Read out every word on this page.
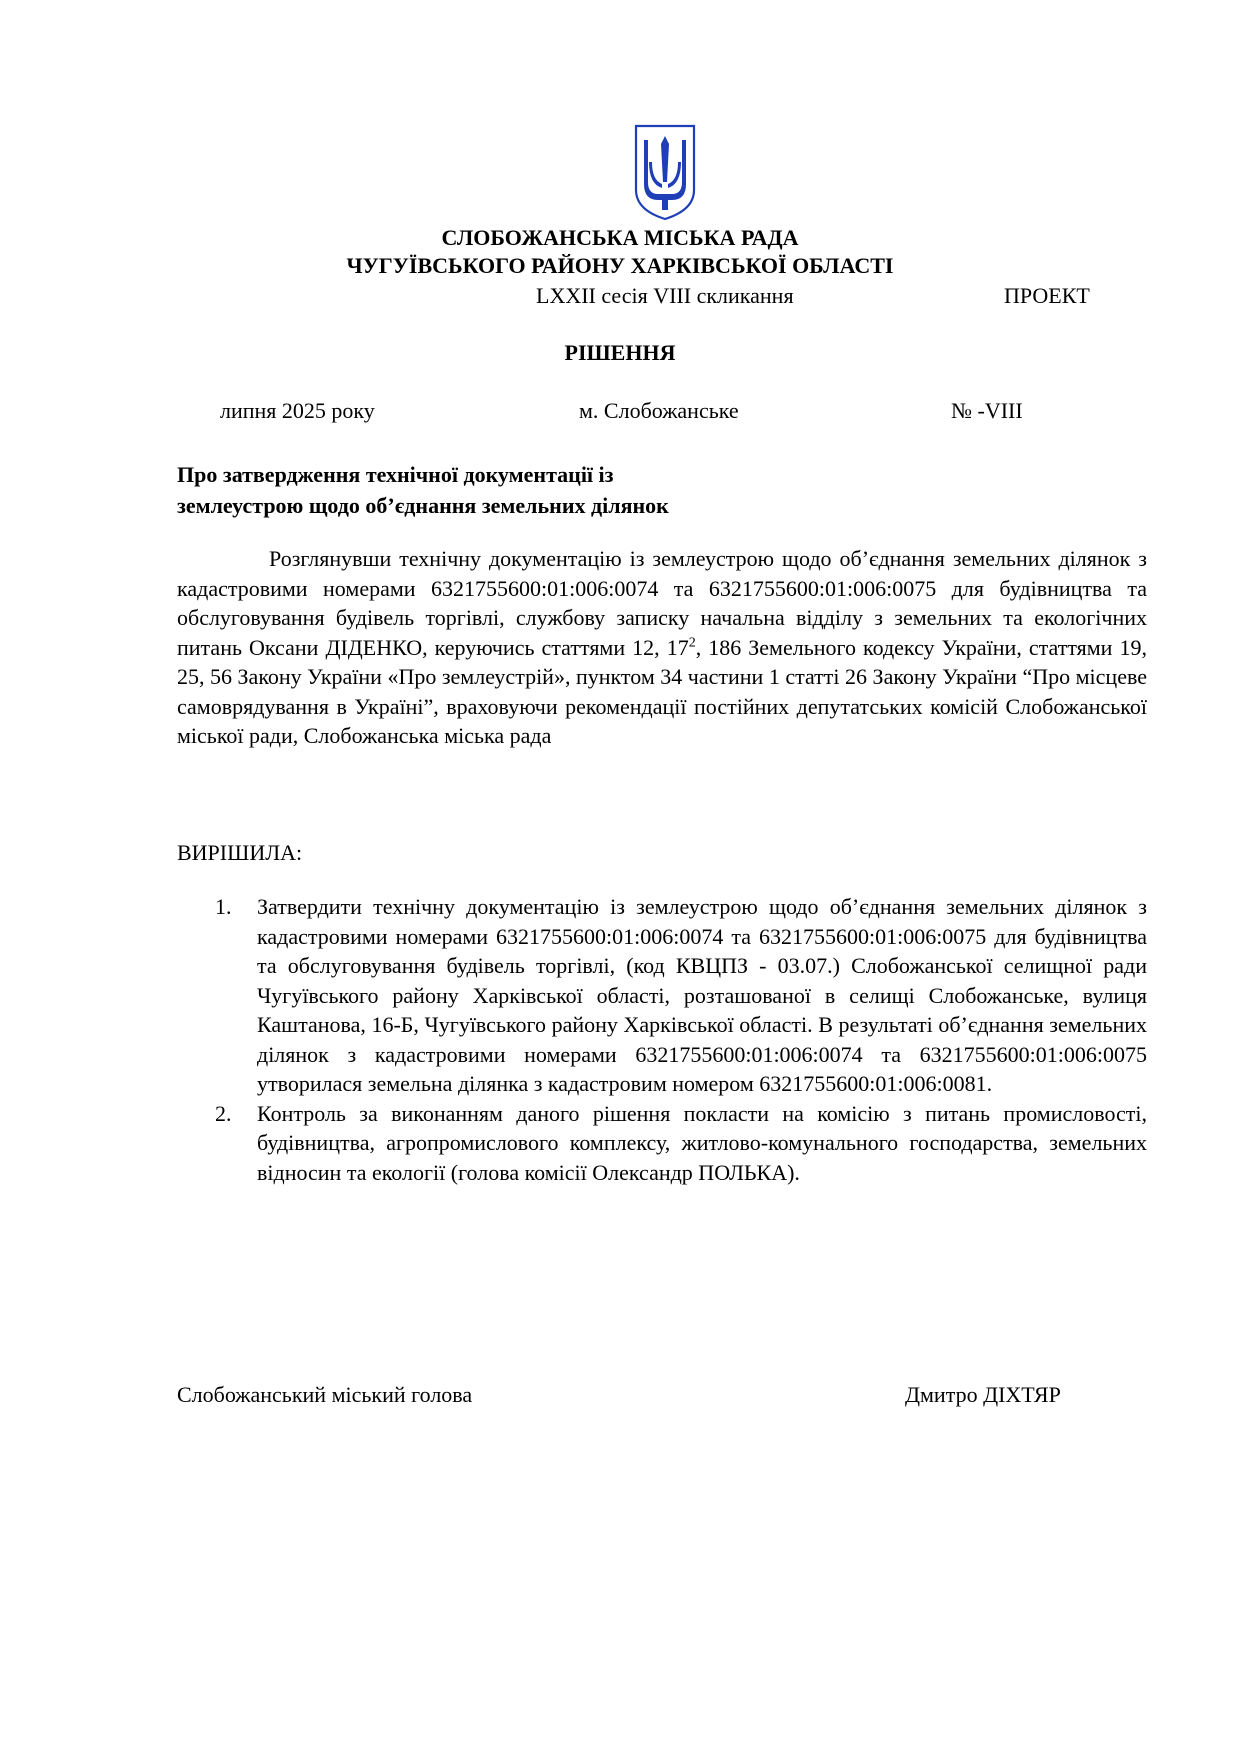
СЛОБОЖАНСЬКА МІСЬКА РАДА
ЧУГУЇВСЬКОГО РАЙОНУ ХАРКІВСЬКОЇ ОБЛАСТІ
LXXII сесія VIII скликання	ПРОЕКТ
РІШЕННЯ
липня 2025 року	м. Слобожанське	№ -VIII
Про затвердження технічної документації із
землеустрою щодо об’єднання земельних ділянок

Розглянувши технічну документацію із землеустрою щодо об’єднання земельних ділянок з кадастровими номерами 6321755600:01:006:0074 та 6321755600:01:006:0075 для будівництва та обслуговування будівель торгівлі, службову записку начальна відділу з земельних та екологічних питань Оксани ДІДЕНКО, керуючись статтями 12, $17^2$, 186 Земельного кодексу України, статтями 19, 25, 56 Закону України «Про землеустрій», пунктом 34 частини 1 статті 26 Закону України “Про місцеве самоврядування в Україні”, враховуючи рекомендації постійних депутатських комісій Слобожанської міської ради, Слобожанська міська рада

ВИРІШИЛА:
1. Затвердити технічну документацію із землеустрою щодо об’єднання земельних ділянок з кадастровими номерами 6321755600:01:006:0074 та 6321755600:01:006:0075 для будівництва та обслуговування будівель торгівлі, (код КВЦПЗ - 03.07.) Слобожанської селищної ради Чугуївського району Харківської області, розташованої в селищі Слобожанське, вулиця Каштанова, 16-Б, Чугуївського району Харківської області. В результаті об’єднання земельних ділянок з кадастровими номерами 6321755600:01:006:0074 та 6321755600:01:006:0075 утворилася земельна ділянка з кадастровим номером 6321755600:01:006:0081.
2. Контроль за виконанням даного рішення покласти на комісію з питань промисловості, будівництва, агропромислового комплексу, житлово-комунального господарства, земельних відносин та екології (голова комісії Олександр ПОЛЬКА).
Слобожанський міський голова	Дмитро ДІХТЯР
